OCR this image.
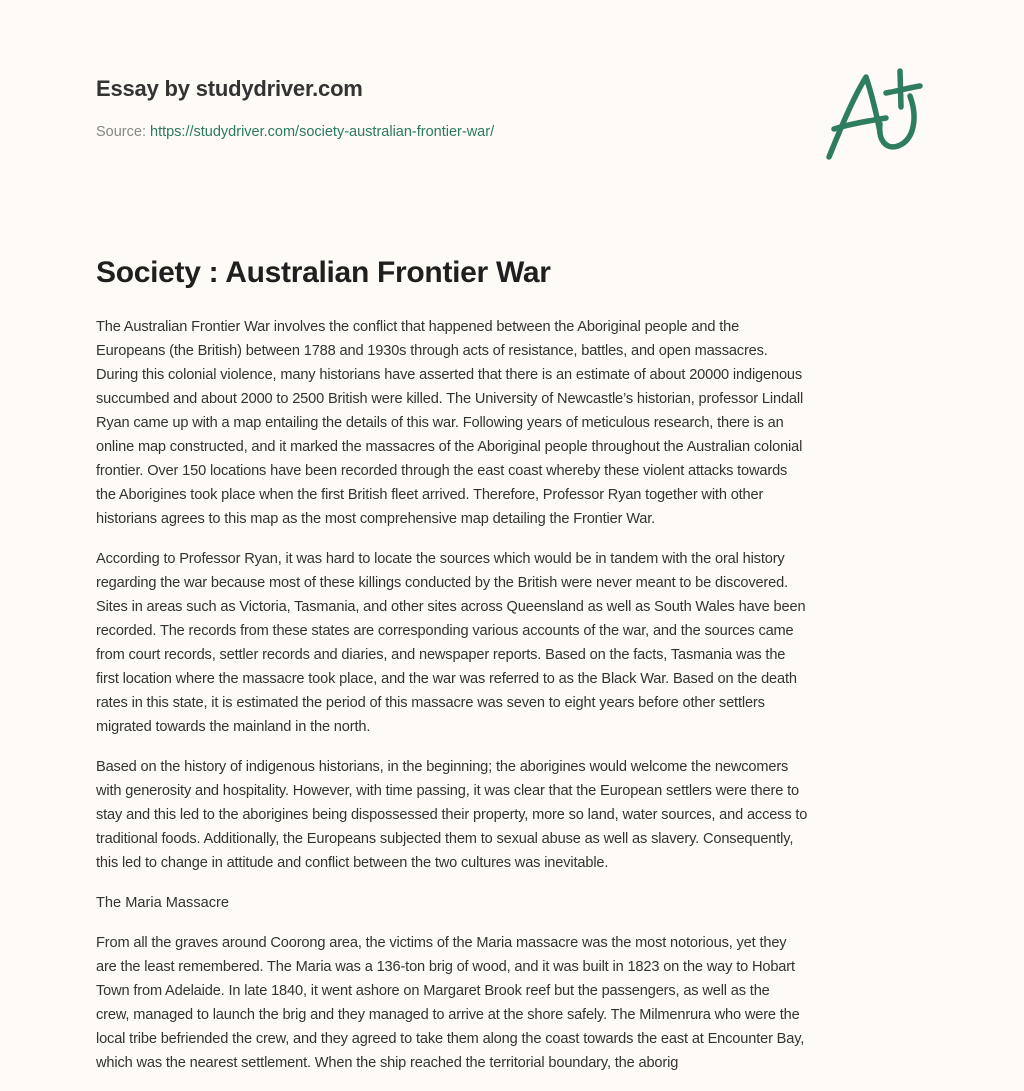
Essay by studydriver.com
Source: https://studydriver.com/society-australian-frontier-war/
Society : Australian Frontier War

The Australian Frontier War involves the conflict that happened between the Aboriginal people and the
Europeans (the British) between 1788 and 1930s through acts of resistance, battles, and open massacres.
During this colonial violence, many historians have asserted that there is an estimate of about 20000 indigenous
succumbed and about 2000 to 2500 British were killed. The University of Newcastle’s historian, professor Lindall
Ryan came up with a map entailing the details of this war. Following years of meticulous research, there is an
online map constructed, and it marked the massacres of the Aboriginal people throughout the Australian colonial
frontier. Over 150 locations have been recorded through the east coast whereby these violent attacks towards
the Aborigines took place when the first British fleet arrived. Therefore, Professor Ryan together with other
historians agrees to this map as the most comprehensive map detailing the Frontier War.

According to Professor Ryan, it was hard to locate the sources which would be in tandem with the oral history
regarding the war because most of these killings conducted by the British were never meant to be discovered.
Sites in areas such as Victoria, Tasmania, and other sites across Queensland as well as South Wales have been
recorded. The records from these states are corresponding various accounts of the war, and the sources came
from court records, settler records and diaries, and newspaper reports. Based on the facts, Tasmania was the
first location where the massacre took place, and the war was referred to as the Black War. Based on the death
rates in this state, it is estimated the period of this massacre was seven to eight years before other settlers
migrated towards the mainland in the north.

Based on the history of indigenous historians, in the beginning; the aborigines would welcome the newcomers
with generosity and hospitality. However, with time passing, it was clear that the European settlers were there to
stay and this led to the aborigines being dispossessed their property, more so land, water sources, and access to
traditional foods. Additionally, the Europeans subjected them to sexual abuse as well as slavery. Consequently,
this led to change in attitude and conflict between the two cultures was inevitable.

The Maria Massacre

From all the graves around Coorong area, the victims of the Maria massacre was the most notorious, yet they
are the least remembered. The Maria was a 136-ton brig of wood, and it was built in 1823 on the way to Hobart
Town from Adelaide. In late 1840, it went ashore on Margaret Brook reef but the passengers, as well as the
crew, managed to launch the brig and they managed to arrive at the shore safely. The Milmenrura who were the
local tribe befriended the crew, and they agreed to take them along the coast towards the east at Encounter Bay,
which was the nearest settlement. When the ship reached the territorial boundary, the aborig
